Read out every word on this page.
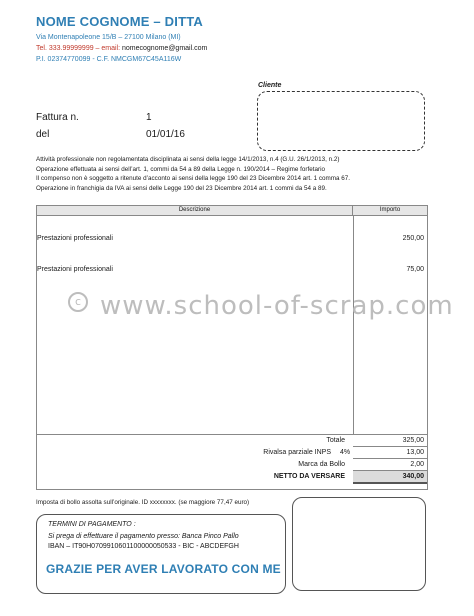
NOME COGNOME – DITTA
Via Montenapoleone 15/B – 27100 Milano (MI)
Tel. 333.99999999 – email: nomecognome@gmail.com
P.I. 02374770099 - C.F. NMCGM67C45A116W
Cliente
Fattura n.	1
del	01/01/16
Attività professionale non regolamentata disciplinata ai sensi della legge 14/1/2013, n.4 (G.U. 26/1/2013, n.2)
Operazione effettuata ai sensi dell’art. 1, commi da 54 a 89 della Legge n. 190/2014 – Regime forfetario
Il compenso non è soggetto a ritenute d’acconto ai sensi della legge 190 del 23 Dicembre 2014 art. 1 comma 67.
Operazione in franchigia da IVA ai sensi delle Legge 190 del 23 Dicembre 2014 art. 1 commi da 54 a 89.
Descrizione	Importo
Prestazioni professionali	250,00
Prestazioni professionali	75,00
Totale	325,00
Rivalsa parziale INPS 4%	13,00
Marca da Bollo	2,00
NETTO DA VERSARE	340,00
c www.school-of-scrap.com
Imposta di bollo assolta sull’originale. ID xxxxxxxx. (se maggiore 77,47 euro)
TERMINI DI PAGAMENTO :
Si prega di effettuare il pagamento presso: Banca Pinco Pallo
IBAN – IT90H0709910601100000050533 - BIC - ABCDEFGH
GRAZIE PER AVER LAVORATO CON ME
